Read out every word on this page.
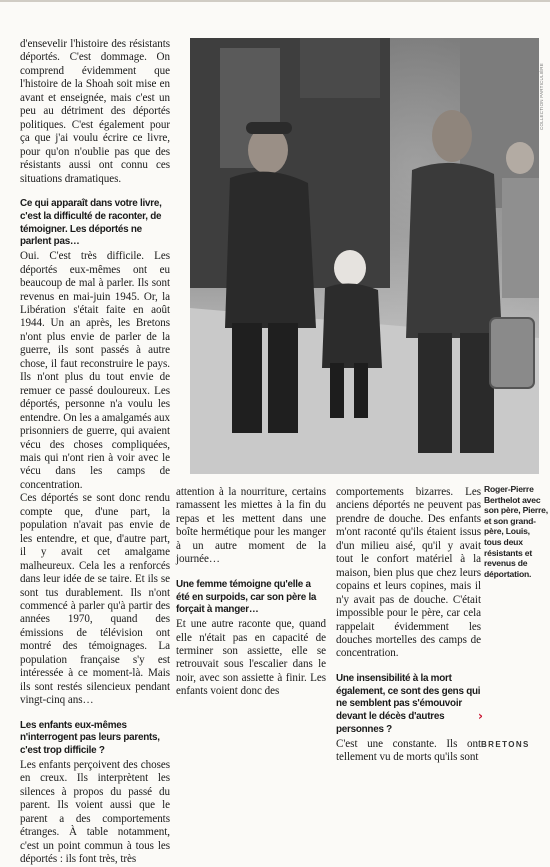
d'ensevelir l'histoire des résistants déportés. C'est dommage. On comprend évidemment que l'histoire de la Shoah soit mise en avant et enseignée, mais c'est un peu au détriment des déportés politiques. C'est également pour ça que j'ai voulu écrire ce livre, pour qu'on n'oublie pas que des résistants aussi ont connu ces situations dramatiques.

Ce qui apparaît dans votre livre, c'est la difficulté de raconter, de témoigner. Les déportés ne parlent pas…

Oui. C'est très difficile. Les déportés eux-mêmes ont eu beaucoup de mal à parler. Ils sont revenus en mai-juin 1945. Or, la Libération s'était faite en août 1944. Un an après, les Bretons n'ont plus envie de parler de la guerre, ils sont passés à autre chose, il faut reconstruire le pays. Ils n'ont plus du tout envie de remuer ce passé douloureux. Les déportés, personne n'a voulu les entendre. On les a amalgamés aux prisonniers de guerre, qui avaient vécu des choses compliquées, mais qui n'ont rien à voir avec le vécu dans les camps de concentration.

Ces déportés se sont donc rendu compte que, d'une part, la population n'avait pas envie de les entendre, et que, d'autre part, il y avait cet amalgame malheureux. Cela les a renforcés dans leur idée de se taire. Et ils se sont tus durablement. Ils n'ont commencé à parler qu'à partir des années 1970, quand des émissions de télévision ont montré des témoignages. La population française s'y est intéressée à ce moment-là. Mais ils sont restés silencieux pendant vingt-cinq ans…

Les enfants eux-mêmes n'interrogent pas leurs parents, c'est trop difficile ?

Les enfants perçoivent des choses en creux. Ils interprètent les silences à propos du passé du parent. Ils voient aussi que le parent a des comportements étranges. À table notamment, c'est un point commun à tous les déportés : ils font très, très

COLLECTION PARTICULIÈRE

attention à la nourriture, certains ramassent les miettes à la fin du repas et les mettent dans une boîte hermétique pour les manger à un autre moment de la journée…

Une femme témoigne qu'elle a été en surpoids, car son père la forçait à manger…

Et une autre raconte que, quand elle n'était pas en capacité de terminer son assiette, elle se retrouvait sous l'escalier dans le noir, avec son assiette à finir. Les enfants voient donc des

comportements bizarres. Les anciens déportés ne peuvent pas prendre de douche. Des enfants m'ont raconté qu'ils étaient issus d'un milieu aisé, qu'il y avait tout le confort matériel à la maison, bien plus que chez leurs copains et leurs copines, mais il n'y avait pas de douche. C'était impossible pour le père, car cela rappelait évidemment les douches mortelles des camps de concentration.

Une insensibilité à la mort également, ce sont des gens qui ne semblent pas s'émouvoir devant le décès d'autres personnes ?

C'est une constante. Ils ont tellement vu de morts qu'ils sont

Roger-Pierre Berthelot avec son père, Pierre, et son grand-père, Louis, tous deux résistants et revenus de déportation.
›
BRETONS
